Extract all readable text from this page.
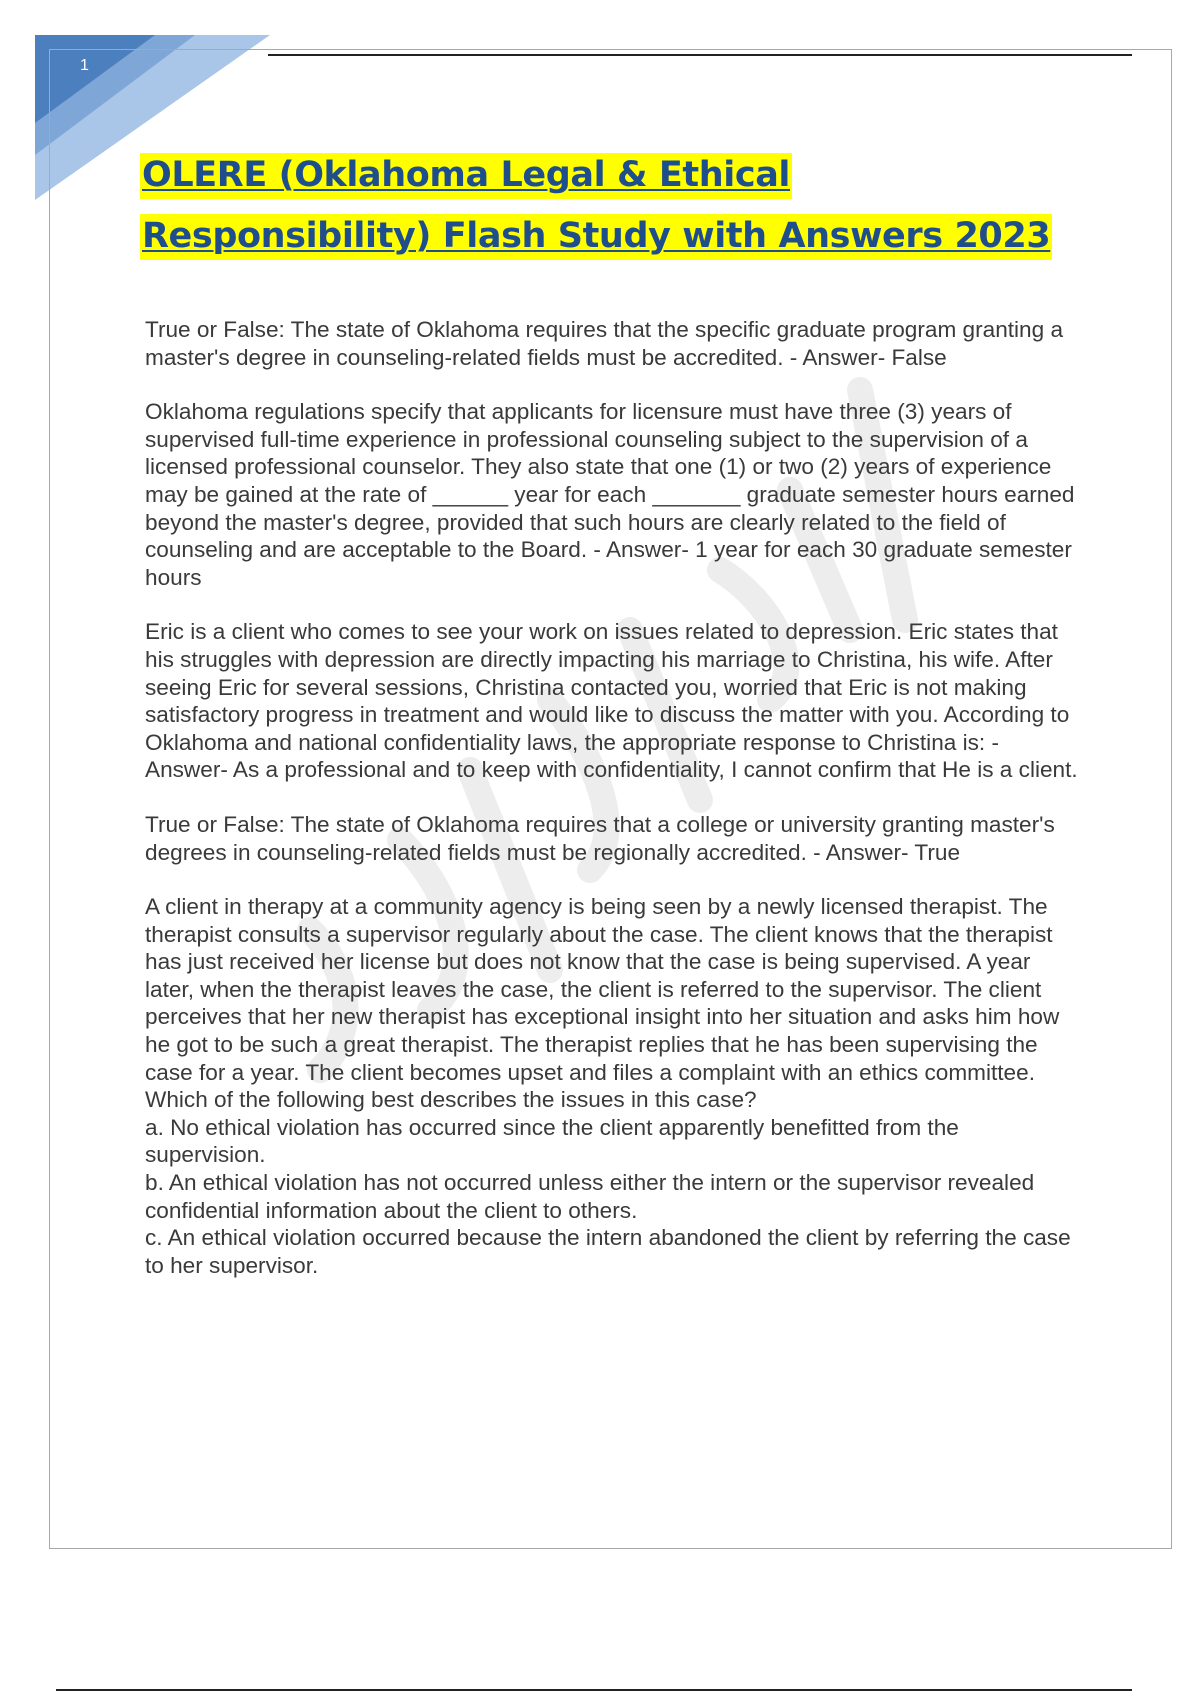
1
OLERE (Oklahoma Legal & Ethical Responsibility) Flash Study with Answers 2023

True or False: The state of Oklahoma requires that the specific graduate program granting a master's degree in counseling-related fields must be accredited. - Answer- False

Oklahoma regulations specify that applicants for licensure must have three (3) years of supervised full-time experience in professional counseling subject to the supervision of a licensed professional counselor. They also state that one (1) or two (2) years of experience may be gained at the rate of ______ year for each _______ graduate semester hours earned beyond the master's degree, provided that such hours are clearly related to the field of counseling and are acceptable to the Board. - Answer- 1 year for each 30 graduate semester hours

Eric is a client who comes to see your work on issues related to depression. Eric states that his struggles with depression are directly impacting his marriage to Christina, his wife. After seeing Eric for several sessions, Christina contacted you, worried that Eric is not making satisfactory progress in treatment and would like to discuss the matter with you. According to Oklahoma and national confidentiality laws, the appropriate response to Christina is: - Answer- As a professional and to keep with confidentiality, I cannot confirm that He is a client.

True or False: The state of Oklahoma requires that a college or university granting master's degrees in counseling-related fields must be regionally accredited. - Answer- True

A client in therapy at a community agency is being seen by a newly licensed therapist. The therapist consults a supervisor regularly about the case. The client knows that the therapist has just received her license but does not know that the case is being supervised. A year later, when the therapist leaves the case, the client is referred to the supervisor. The client perceives that her new therapist has exceptional insight into her situation and asks him how he got to be such a great therapist. The therapist replies that he has been supervising the case for a year. The client becomes upset and files a complaint with an ethics committee. Which of the following best describes the issues in this case?

a. No ethical violation has occurred since the client apparently benefitted from the supervision.

b. An ethical violation has not occurred unless either the intern or the supervisor revealed confidential information about the client to others.

c. An ethical violation occurred because the intern abandoned the client by referring the case to her supervisor.
